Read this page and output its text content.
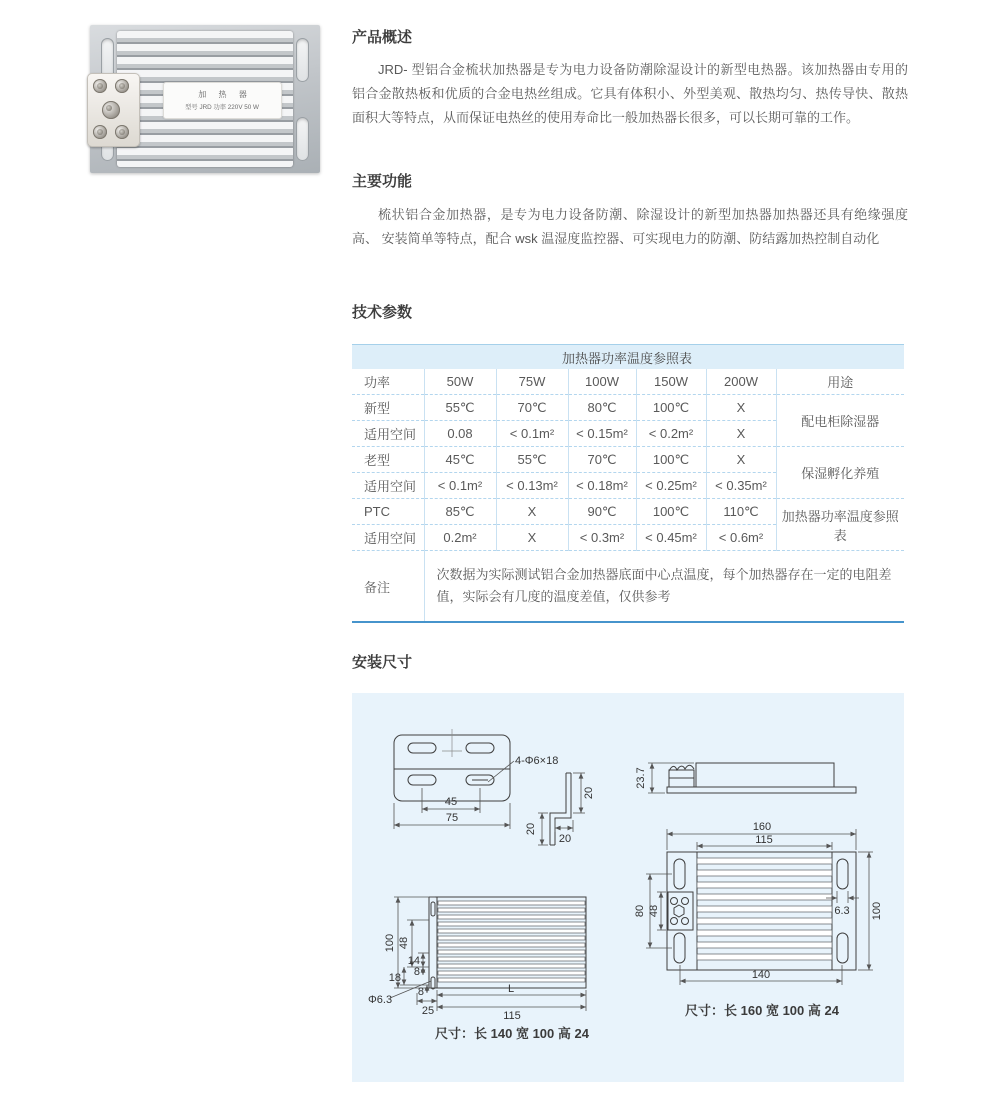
加 热 器
型号 JRD 功率 220V 50 W
产品概述
JRD- 型铝合金梳状加热器是专为电力设备防潮除湿设计的新型电热器。该加热器由专用的 铝合金散热板和优质的合金电热丝组成。它具有体积小、外型美观、散热均匀、热传导快、散热 面积大等特点，从而保证电热丝的使用寿命比一般加热器长很多，可以长期可靠的工作。
主要功能
梳状铝合金加热器，是专为电力设备防潮、除湿设计的新型加热器加热器还具有绝缘强度高、 安装简单等特点，配合 wsk 温湿度监控器、可实现电力的防潮、防结露加热控制自动化
技术参数
加热器功率温度参照表						
功率	50W	75W	100W	150W	200W	用途
新型	55℃	70℃	80℃	100℃	X	配电柜除湿器
适用空间	0.08	< 0.1m²	< 0.15m²	< 0.2m²	X	
老型	45℃	55℃	70℃	100℃	X	保湿孵化养殖
适用空间	< 0.1m²	< 0.13m²	< 0.18m²	< 0.25m²	< 0.35m²	
PTC	85℃	X	90℃	100℃	110℃	加热器功率温度参照表
适用空间	0.2m²	X	< 0.3m²	< 0.45m²	< 0.6m²	
备注	次数据为实际测试铝合金加热器底面中心点温度，每个加热器存在一定的电阻差值，实际会有几度的温度差值，仅供参考					
安装尺寸
4-Φ6×18
45
75
20
20
20
23.7
160
115
80 48	6.3 100
140
尺寸：长 160 宽 100 高 24
100 48
14
8
18
8
Φ6.3
25
L
115
尺寸：长 140 宽 100 高 24
